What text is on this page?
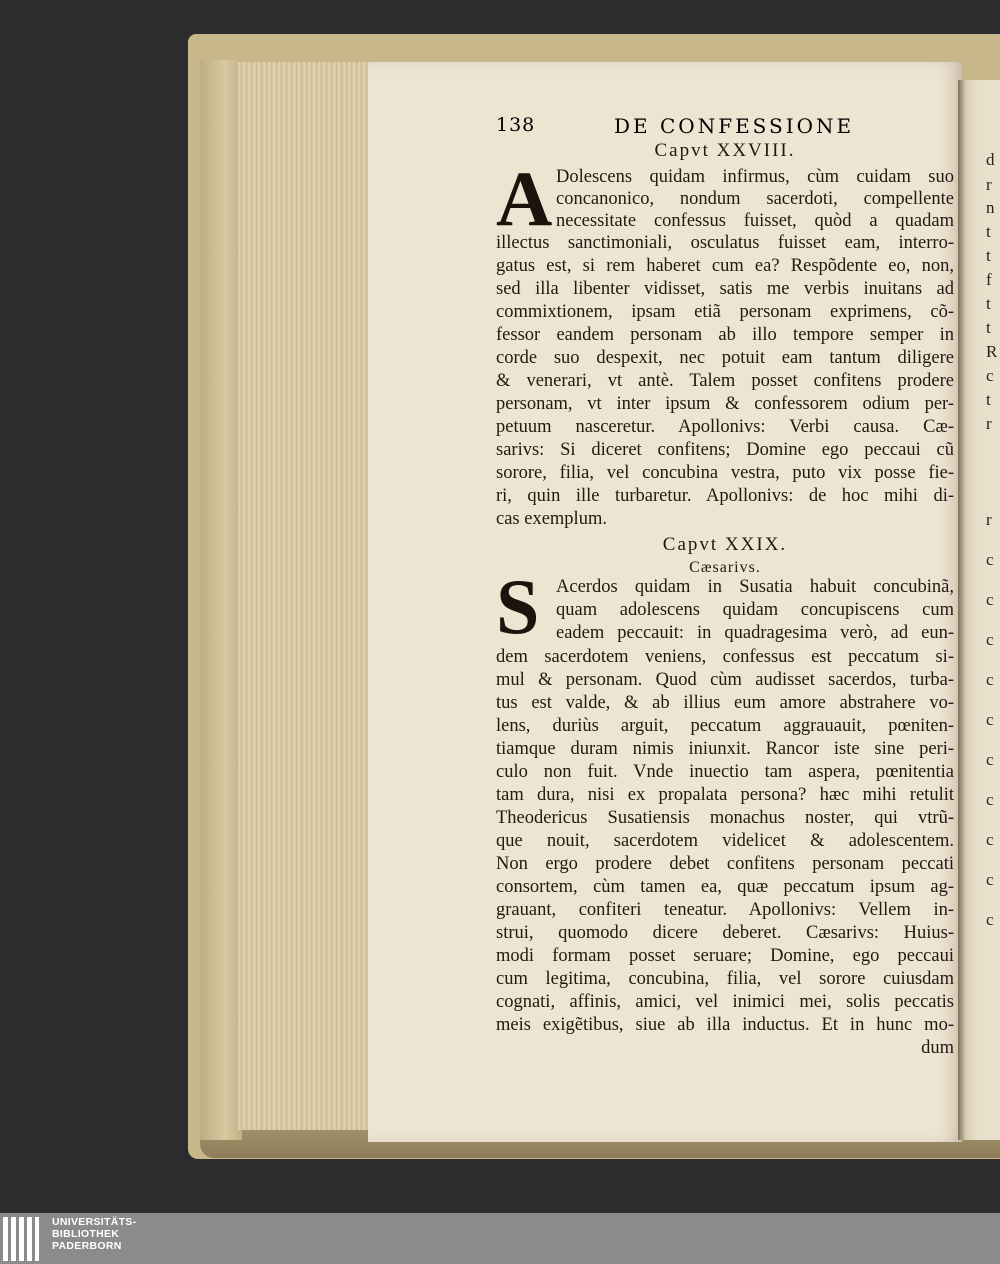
d
r
n
t
t
f
t
t
R
c
t
r
r
c
c
c
c
c
c
c
c
c
c
138	DE CONFESSIONE
Capvt XXVIII.
A Dolescens quidam infirmus, cùm cuidam suo
concanonico, nondum sacerdoti, compellente
necessitate confessus fuisset, quòd a quadam
illectus sanctimoniali, osculatus fuisset eam, interro-
gatus est, si rem haberet cum ea? Respõdente eo, non,
sed illa libenter vidisset, satis me verbis inuitans ad
commixtionem, ipsam etiã personam exprimens, cõ-
fessor eandem personam ab illo tempore semper in
corde suo despexit, nec potuit eam tantum diligere
& venerari, vt antè. Talem posset confitens prodere
personam, vt inter ipsum & confessorem odium per-
petuum nasceretur. Apollonivs: Verbi causa. Cæ-
sarivs: Si diceret confitens; Domine ego peccaui cũ
sorore, filia, vel concubina vestra, puto vix posse fie-
ri, quin ille turbaretur. Apollonivs: de hoc mihi di-
cas exemplum.
Capvt XXIX.
Cæsarivs.
S Acerdos quidam in Susatia habuit concubinã,
quam adolescens quidam concupiscens cum
eadem peccauit: in quadragesima verò, ad eun-
dem sacerdotem veniens, confessus est peccatum si-
mul & personam. Quod cùm audisset sacerdos, turba-
tus est valde, & ab illius eum amore abstrahere vo-
lens, duriùs arguit, peccatum aggrauauit, pœniten-
tiamque duram nimis iniunxit. Rancor iste sine peri-
culo non fuit. Vnde inuectio tam aspera, pœnitentia
tam dura, nisi ex propalata persona? hæc mihi retulit
Theodericus Susatiensis monachus noster, qui vtrũ-
que nouit, sacerdotem videlicet & adolescentem.
Non ergo prodere debet confitens personam peccati
consortem, cùm tamen ea, quæ peccatum ipsum ag-
grauant, confiteri teneatur. Apollonivs: Vellem in-
strui, quomodo dicere deberet. Cæsarivs: Huius-
modi formam posset seruare; Domine, ego peccaui
cum legitima, concubina, filia, vel sorore cuiusdam
cognati, affinis, amici, vel inimici mei, solis peccatis
meis exigẽtibus, siue ab illa inductus. Et in hunc mo-
dum
UNIVERSITÄTS-
BIBLIOTHEK
PADERBORN
